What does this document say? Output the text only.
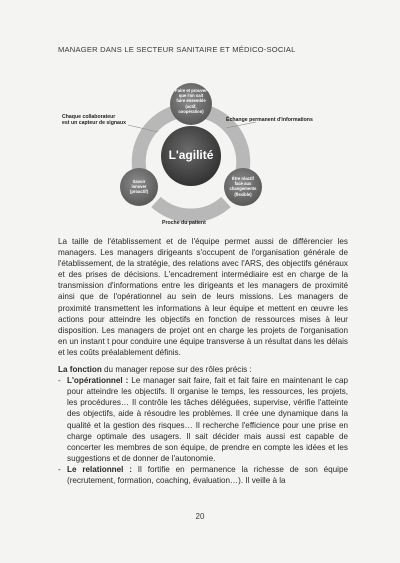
MANAGER DANS LE SECTEUR SANITAIRE ET MÉDICO-SOCIAL
Faire et prouver
que l'on sait
faire ensemble
(actif,
coopération)
L'agilité
Savoir
innover
(proactif)
Être réactif
face aux
changements
(flexible)
Chaque collaborateur
est un capteur de signaux
Échange permanent d'informations
Proche du patient

La taille de l'établissement et de l'équipe permet aussi de différencier les managers. Les managers dirigeants s'occupent de l'organisation générale de l'établissement, de la stratégie, des relations avec l'ARS, des objectifs généraux et des prises de décisions. L'encadrement intermédiaire est en charge de la transmission d'informations entre les dirigeants et les managers de proximité ainsi que de l'opérationnel au sein de leurs missions. Les managers de proximité transmettent les informations à leur équipe et mettent en œuvre les actions pour atteindre les objectifs en fonction de ressources mises à leur disposition. Les managers de projet ont en charge les projets de l'organisation en un instant t pour conduire une équipe transverse à un résultat dans les délais et les coûts préalablement définis.

La fonction du manager repose sur des rôles précis :

- L'opérationnel : Le manager sait faire, fait et fait faire en maintenant le cap pour atteindre les objectifs. Il organise le temps, les ressources, les projets, les procédures… Il contrôle les tâches déléguées, supervise, vérifie l'atteinte des objectifs, aide à résoudre les problèmes. Il crée une dynamique dans la qualité et la gestion des risques… Il recherche l'efficience pour une prise en charge optimale des usagers. Il sait décider mais aussi est capable de concerter les membres de son équipe, de prendre en compte les idées et les suggestions et de donner de l'autonomie.
- Le relationnel : Il fortifie en permanence la richesse de son équipe (recrutement, formation, coaching, évaluation…). Il veille à la
20
